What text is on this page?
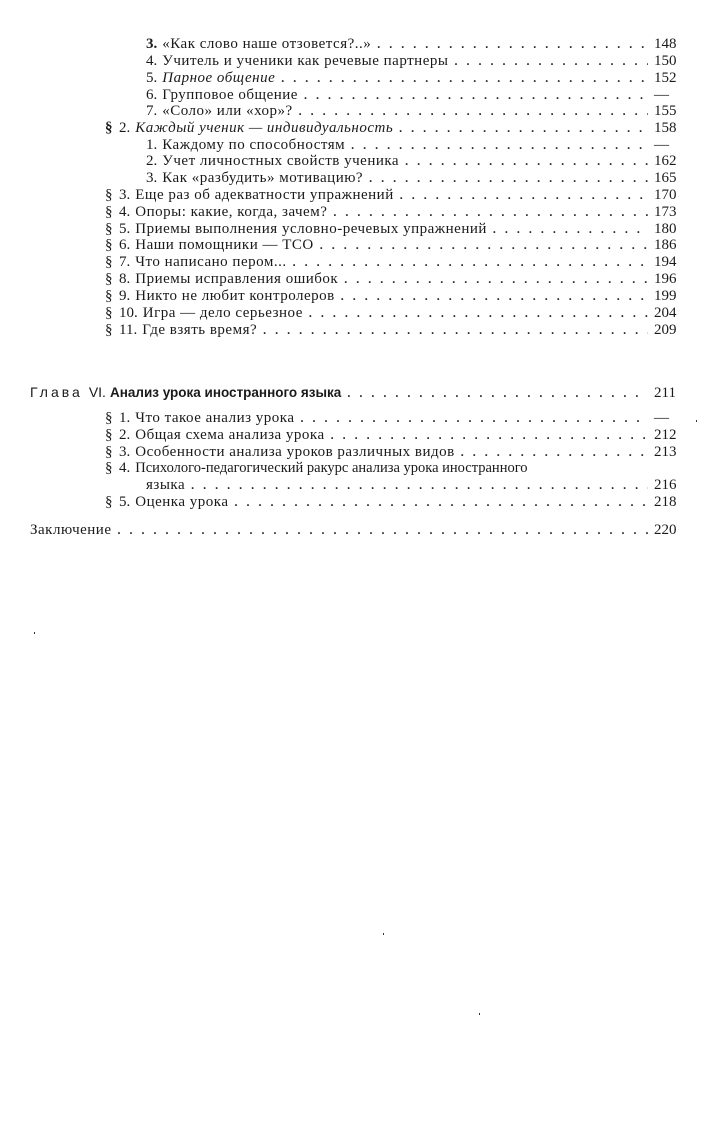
3. «Как слово наше отзовется?..» . . .	148
4. Учитель и ученики как речевые партнеры . . .	150
5. Парное общение . . .	152
6. Групповое общение . . .	—
7. «Соло» или «хор»? . . .	155
§ 2. Каждый ученик — индивидуальность . . .	158
1. Каждому по способностям . . .	—
2. Учет личностных свойств ученика . . .	162
3. Как «разбудить» мотивацию? . . .	165
§ 3. Еще раз об адекватности упражнений . . .	170
§ 4. Опоры: какие, когда, зачем? . . .	173
§ 5. Приемы выполнения условно-речевых упражнений . . .	180
§ 6. Наши помощники — ТСО . . .	186
§ 7. Что написано пером... . . .	194
§ 8. Приемы исправления ошибок . . .	196
§ 9. Никто не любит контролеров . . .	199
§ 10. Игра — дело серьезное . . .	204
§ 11. Где взять время? . . .	209
Глава VI. Анализ урока иностранного языка . . .	211
§ 1. Что такое анализ урока . . .	—
§ 2. Общая схема анализа урока . . .	212
§ 3. Особенности анализа уроков различных видов . . .	213
§ 4. Психолого-педагогический ракурс анализа урока иностранного
языка . . .	216
§ 5. Оценка урока . . .	218
Заключение . . .	220
